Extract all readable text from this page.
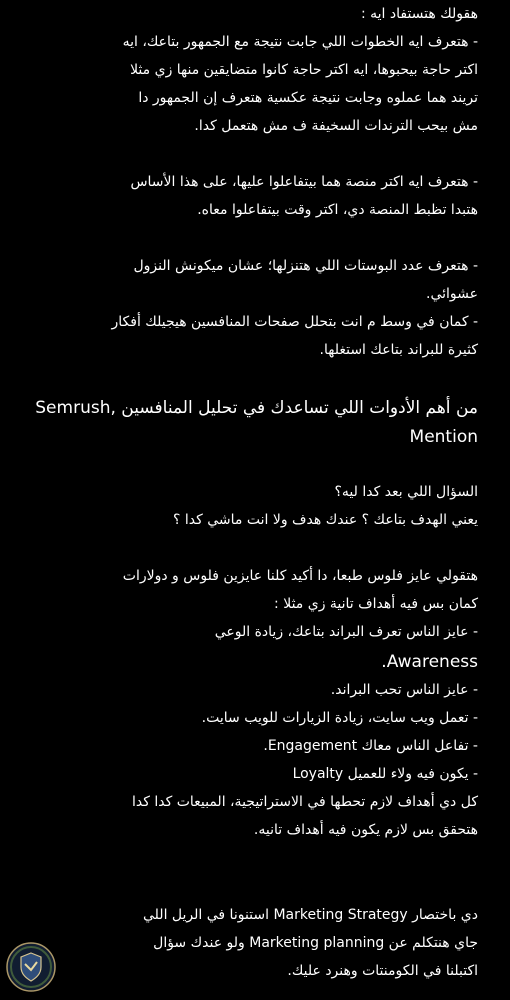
هقولك هتستفاد ايه :
- هتعرف ايه الخطوات اللي جابت نتيجة مع الجمهور بتاعك، ايه
اكتر حاجة بيحبوها، ايه اكتر حاجة كانوا متضايقين منها زي مثلا
تريند هما عملوه وجابت نتيجة عكسية هتعرف إن الجمهور دا
مش بيحب الترندات السخيفة ف مش هتعمل كدا.
- هتعرف ايه اكتر منصة هما بيتفاعلوا عليها، على هذا الأساس
هتبدا تظبط المنصة دي، اكتر وقت بيتفاعلوا معاه.
- هتعرف عدد البوستات اللي هتنزلها؛ عشان ميكونش النزول
عشوائي.
- كمان في وسط م انت بتحلل صفحات المنافسين هيجيلك أفكار
كثيرة للبراند بتاعك استغلها.
من أهم الأدوات اللي تساعدك في تحليل المنافسين ,Semrush
Mention
السؤال اللي بعد كدا ليه؟
يعني الهدف بتاعك ؟ عندك هدف ولا انت ماشي كدا ؟
هتقولي عايز فلوس طبعا، دا أكيد كلنا عايزين فلوس و دولارات
كمان بس فيه أهداف تانية زي مثلا :
- عايز الناس تعرف البراند بتاعك، زيادة الوعي
Awareness.
- عايز الناس تحب البراند.
- تعمل ويب سايت، زيادة الزيارات للويب سايت.
- تفاعل الناس معاك Engagement.
- يكون فيه ولاء للعميل Loyalty
كل دي أهداف لازم تحطها في الاستراتيجية، المبيعات كدا كدا
هتحقق بس لازم يكون فيه أهداف تانيه.
دي باختصار Marketing Strategy استنونا في الريل اللي
جاي هنتكلم عن Marketing planning ولو عندك سؤال
اكتبلنا في الكومنتات وهنرد عليك.
